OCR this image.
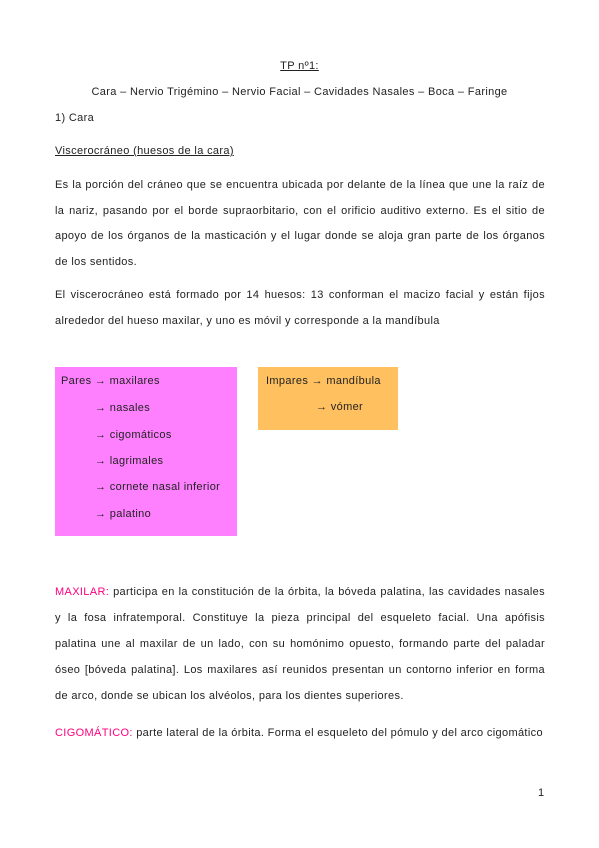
TP nº1:
Cara – Nervio Trigémino – Nervio Facial – Cavidades Nasales – Boca – Faringe
1) Cara
Viscerocráneo (huesos de la cara)
Es la porción del cráneo que se encuentra ubicada por delante de la línea que une la raíz de
la nariz, pasando por el borde supraorbitario, con el orificio auditivo externo. Es el sitio de
apoyo de los órganos de la masticación y el lugar donde se aloja gran parte de los órganos
de los sentidos.
El viscerocráneo está formado por 14 huesos: 13 conforman el macizo facial y están fijos
alrededor del hueso maxilar, y uno es móvil y corresponde a la mandíbula
Pares → maxilares
→ nasales
→ cigomáticos
→ lagrimales
→ cornete nasal inferior
→ palatino
Impares → mandíbula
→ vómer
MAXILAR: participa en la constitución de la órbita, la bóveda palatina, las cavidades nasales
y la fosa infratemporal. Constituye la pieza principal del esqueleto facial. Una apófisis
palatina une al maxilar de un lado, con su homónimo opuesto, formando parte del paladar
óseo [bóveda palatina]. Los maxilares así reunidos presentan un contorno inferior en forma
de arco, donde se ubican los alvéolos, para los dientes superiores.
CIGOMÁTICO: parte lateral de la órbita. Forma el esqueleto del pómulo y del arco cigomático
1
